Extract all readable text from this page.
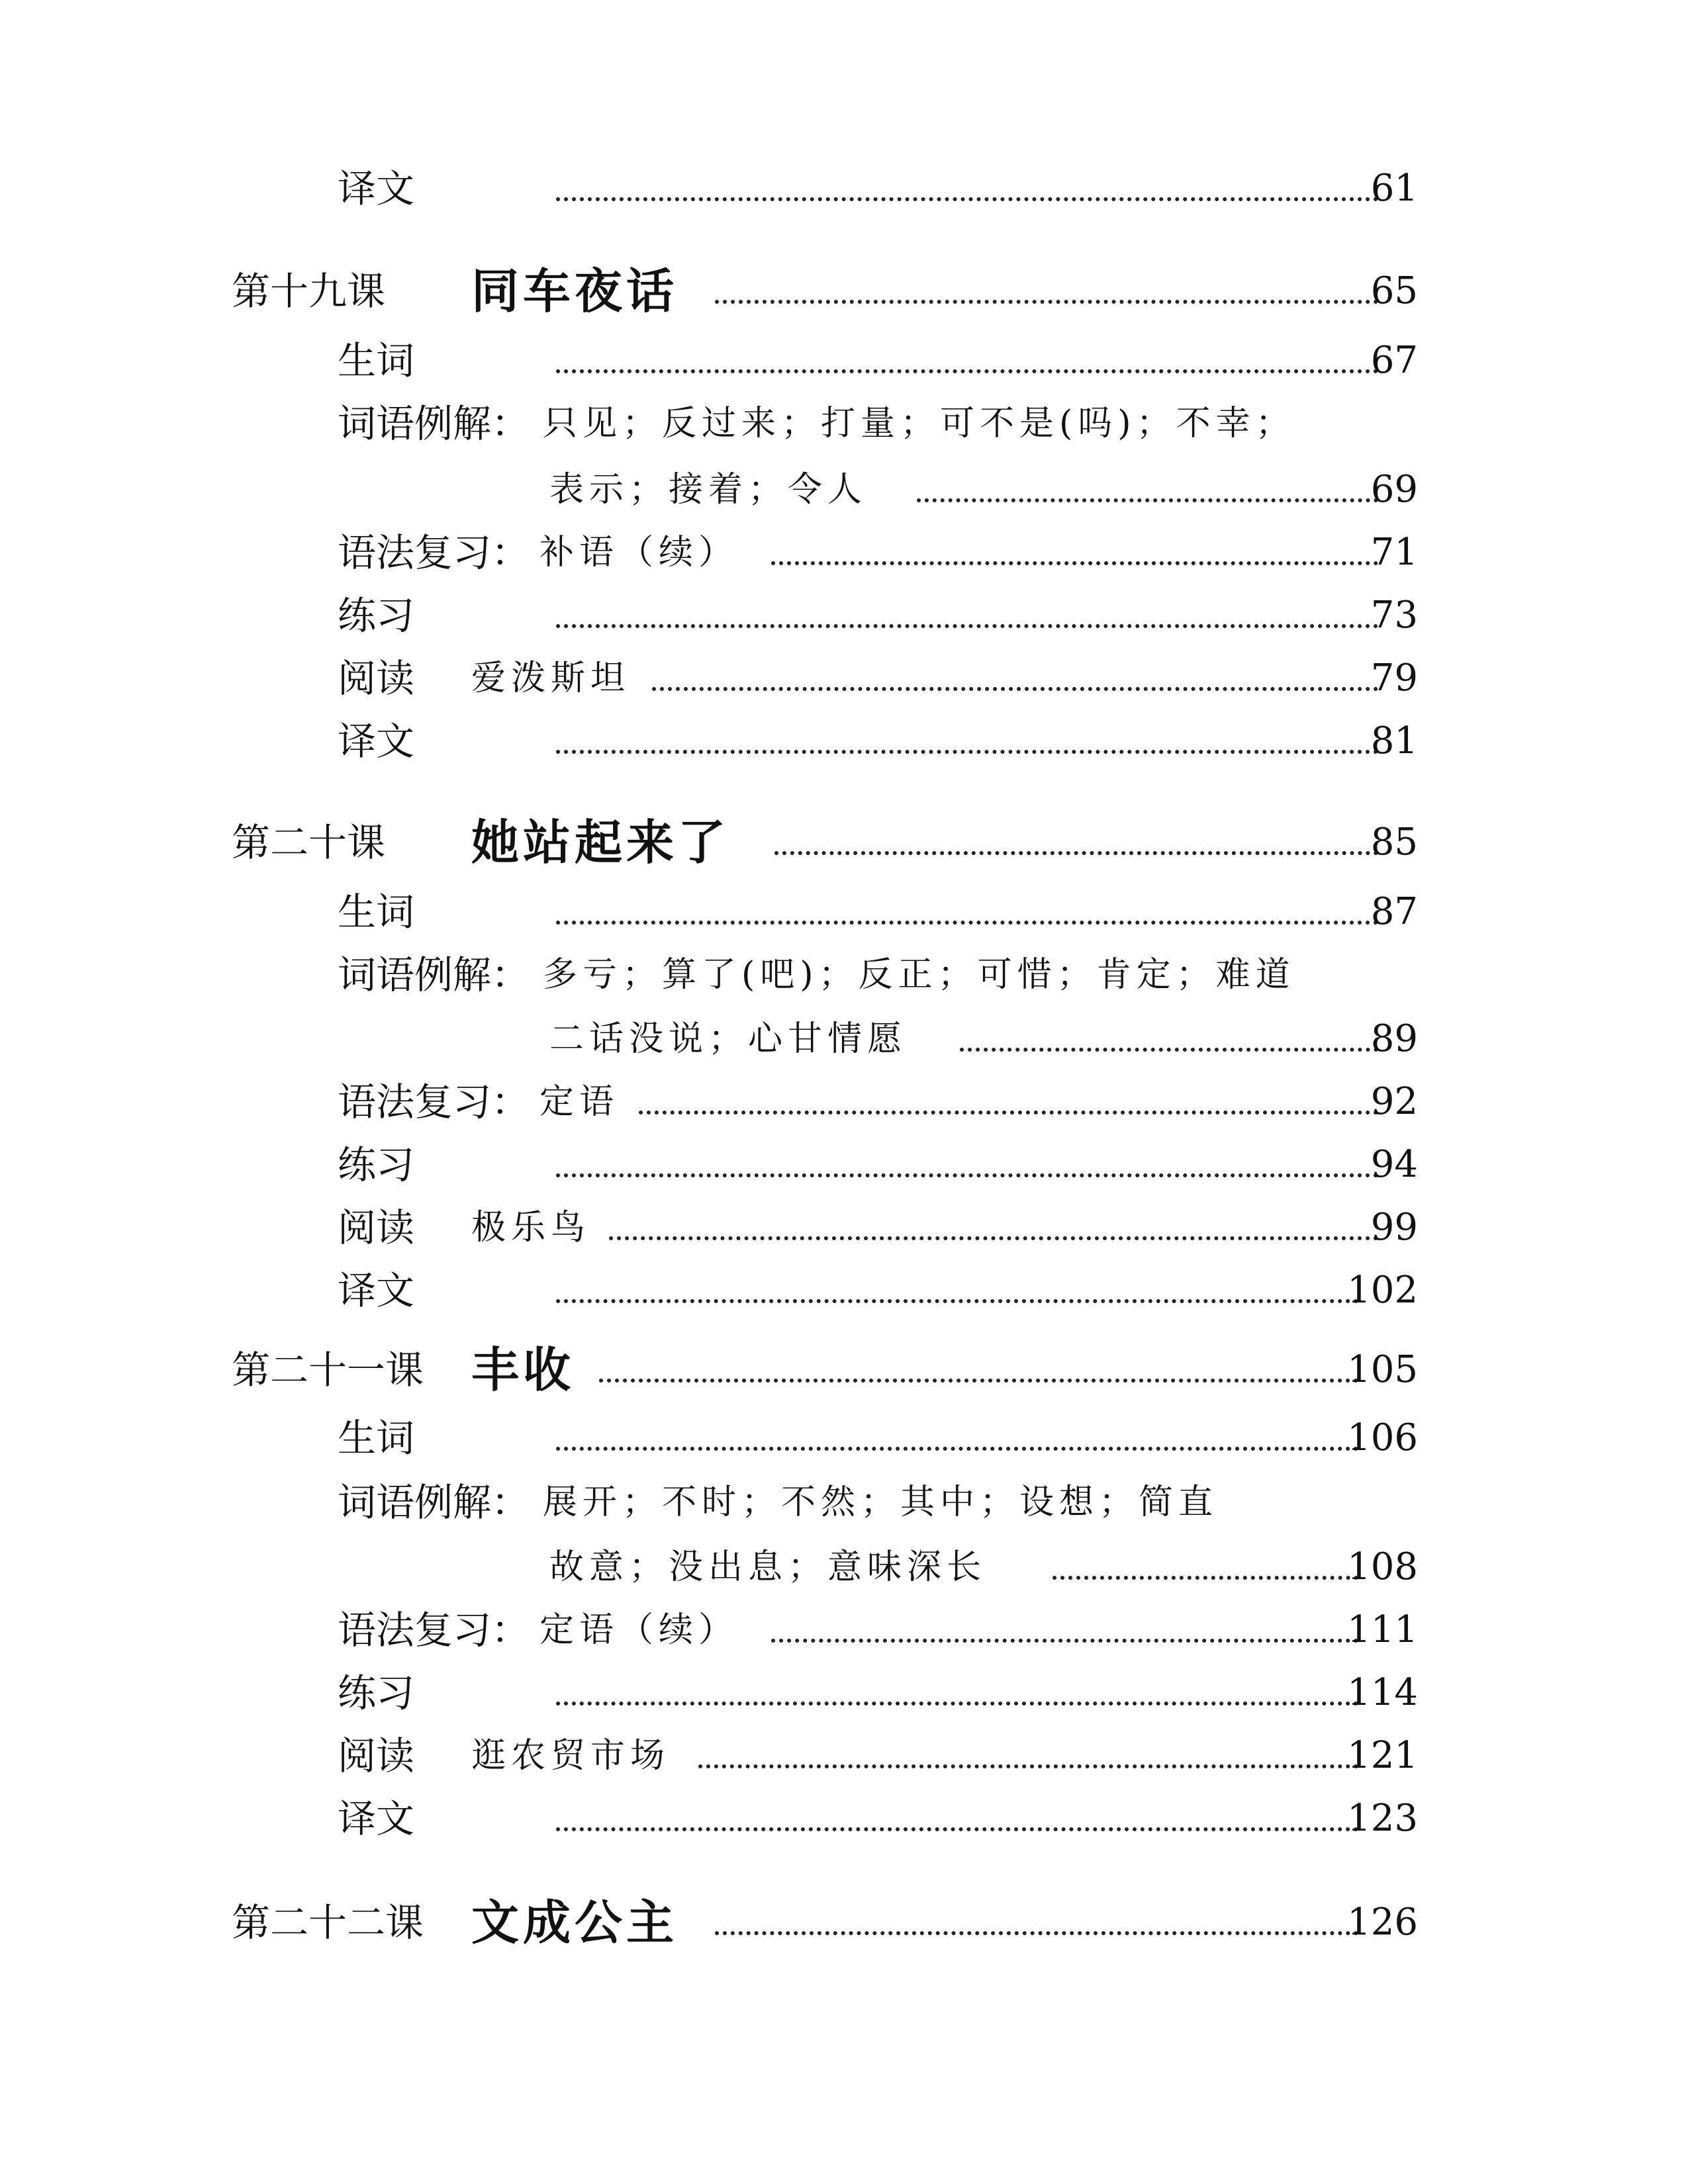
译文	61
第十九课 同车夜话	65
生词	67
词语例解： 只见；反过来；打量；可不是(吗)；不幸；
表示；接着；令人	69
语法复习： 补语（续）	71
练习	73
阅读 爱泼斯坦	79
译文	81
第二十课 她站起来了	85
生词	87
词语例解： 多亏；算了(吧)；反正；可惜；肯定；难道
二话没说；心甘情愿	89
语法复习： 定语	92
练习	94
阅读 极乐鸟	99
译文	102
第二十一课 丰收	105
生词	106
词语例解： 展开；不时；不然；其中；设想；简直
故意；没出息；意味深长	108
语法复习： 定语（续）	111
练习	114
阅读 逛农贸市场	121
译文	123
第二十二课 文成公主	126
